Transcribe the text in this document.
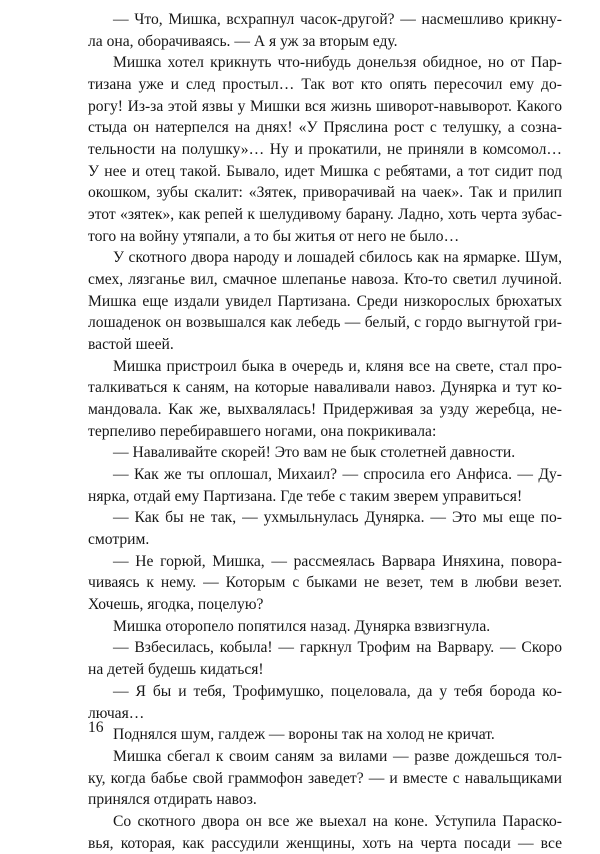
— Что, Мишка, всхрапнул часок-другой? — насмешливо крикну-
ла она, оборачиваясь. — А я уж за вторым еду.
Мишка хотел крикнуть что-нибудь донельзя обидное, но от Пар-
тизана уже и след простыл… Так вот кто опять пересочил ему до-
рогу! Из-за этой язвы у Мишки вся жизнь шиворот-навыворот. Какого
стыда он натерпелся на днях! «У Пряслина рост с телушку, а сознa-
тельности на полушку»… Ну и прокатили, не приняли в комсомол…
У нее и отец такой. Бывало, идет Мишка с ребятами, а тот сидит под
окошком, зубы скалит: «Зятек, приворачивай на чаек». Так и прилип
этот «зятек», как репей к шелудивому барану. Ладно, хоть черта зубас-
того на войну утяпали, а то бы житья от него не было…
У скотного двора народу и лошадей сбилось как на ярмарке. Шум,
смех, лязганье вил, смачное шлепанье навоза. Кто-то светил лучиной.
Мишка еще издали увидел Партизана. Среди низкорослых брюхатых
лошаденок он возвышался как лебедь — белый, с гордо выгнутой гри-
вастой шеей.
Мишка пристроил быка в очередь и, кляня все на свете, стал про-
талкиваться к саням, на которые наваливали навоз. Дунярка и тут ко-
мандовала. Как же, выхвалялась! Придерживая за узду жеребца, не-
терпеливо перебиравшего ногами, она покрикивала:
— Наваливайте скорей! Это вам не бык столетней давности.
— Как же ты оплошал, Михаил? — спросила его Анфиса. — Ду-
нярка, отдай ему Партизана. Где тебе с таким зверем управиться!
— Как бы не так, — ухмыльнулась Дунярка. — Это мы еще по-
смотрим.
— Не горюй, Мишка, — рассмеялась Варвара Иняхина, повора-
чиваясь к нему. — Которым с быками не везет, тем в любви везет.
Хочешь, ягодка, поцелую?
Мишка оторопело попятился назад. Дунярка взвизгнула.
— Взбесилась, кобыла! — гаркнул Трофим на Варвару. — Скоро
на детей будешь кидаться!
— Я бы и тебя, Трофимушко, поцеловала, да у тебя борода ко-
лючая…
Поднялся шум, галдеж — вороны так на холод не кричат.
Мишка сбегал к своим саням за вилами — разве дождешься тол-
ку, когда бабье свой граммофон заведет? — и вместе с навальщиками
принялся отдирать навоз.
Со скотного двора он все же выехал на коне. Уступила Параско-
вья, которая, как рассудили женщины, хоть на черта посади — все
16
